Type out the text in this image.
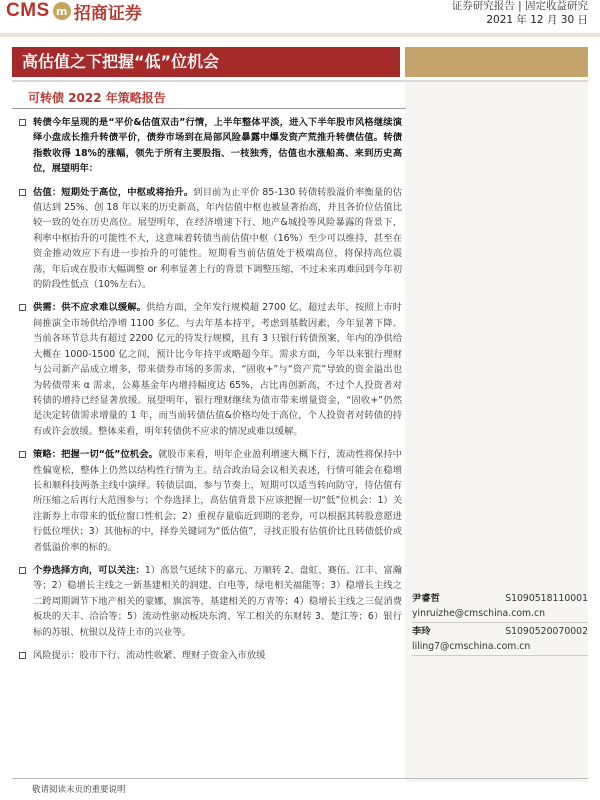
CMS m 招商证券	证券研究报告 | 固定收益研究
2021 年 12 月 30 日
高估值之下把握“低”位机会
可转债 2022 年策略报告
转债今年呈现的是“平价&估值双击”行情，上半年整体平淡，进入下半年股市风格继续演绎小盘成长推升转债平价，债券市场到在局部风险暴露中爆发资产荒推升转债估值。转债指数收得 18%的涨幅，领先于所有主要股指、一枝独秀，估值也水涨船高、来到历史高位，展望明年：
估值：短期处于高位，中枢或将抬升。到目前为止平价 85-130 转债转股溢价率衡量的估值达到 25%、创 18 年以来的历史新高，年内估值中枢也被显著抬高，并且各价位估值比较一致的处在历史高位。展望明年，在经济增速下行、地产&城投等风险暴露的背景下，利率中枢抬升的可能性不大，这意味着转债当前估值中枢（16%）至少可以维持，甚至在资金推动效应下有进一步抬升的可能性。短期看当前估值处于极端高位，将保持高位震荡，年后或在股市大幅调整 or 利率显著上行的背景下调整压缩，不过未来再难回到今年初的阶段性低点（10%左右）。
供需：供不应求难以缓解。供给方面，全年发行规模超 2700 亿、超过去年，按照上市时间推演全市场供给净增 1100 多亿、与去年基本持平，考虑到基数因素，今年显著下降。当前各环节总共有超过 2200 亿元的待发行规模，且有 3 只银行转债预案，年内的净供给大概在 1000-1500 亿之间，预计比今年持平或略超今年。需求方面，今年以来银行理财与公司新产品成立增多，带来债券市场的多需求，“固收+”与“资产荒”导致的资金溢出也为转债带来 α 需求，公募基金年内增持幅度达 65%，占比再创新高，不过个人投资者对转债的增持已经显著放缓。展望明年，银行理财继续为债市带来增量资金，“固收+”仍然是决定转债需求增量的 1 年，而当前转债估值&价格均处于高位，个人投资者对转债的持有或许会放缓。整体来看，明年转债供不应求的情况或难以缓解。
策略：把握一切“低”位机会。就股市来看，明年企业盈利增速大概下行，流动性将保持中性偏宽松，整体上仍然以结构性行情为主。结合政治局会议相关表述，行情可能会在稳增长和顺科技两条主线中演绎。转债层面，参与节奏上，短期可以适当转向防守，待估值有所压缩之后再行大范围参与；个券选择上，高估值背景下应该把握一切“低”位机会：1）关注新券上市带来的低位窗口性机会；2）重视存量临近到期的老券，可以根据其转股意愿进行低位埋伏；3）其他标的中，择券关键词为“低估值”，寻找正股有估值价比且转债低价或者低溢价率的标的。
个券选择方向，可以关注：1）高景气延续下的嘉元、万顺转 2、盘虹、赛伍、江丰、富瀚等；2）稳增长主线之一新基建相关的润建、白电等，绿电相关福能等；3）稳增长主线之二跨周期调节下地产相关的蒙娜，旗滨等，基建相关的万青等；4）稳增长主线之三促消费板块的天丰、洽洽等；5）流动性驱动板块东湾、军工相关的东财转 3、楚江等；6）银行标的苏银、杭银以及待上市的兴业等。
风险提示：股市下行、流动性收紧、理财子资金入市放缓
尹睿哲	S1090518110001
yinruizhe@cmschina.com.cn
李玲	S1090520070002
liling7@cmschina.com.cn
敬请阅读末页的重要说明
